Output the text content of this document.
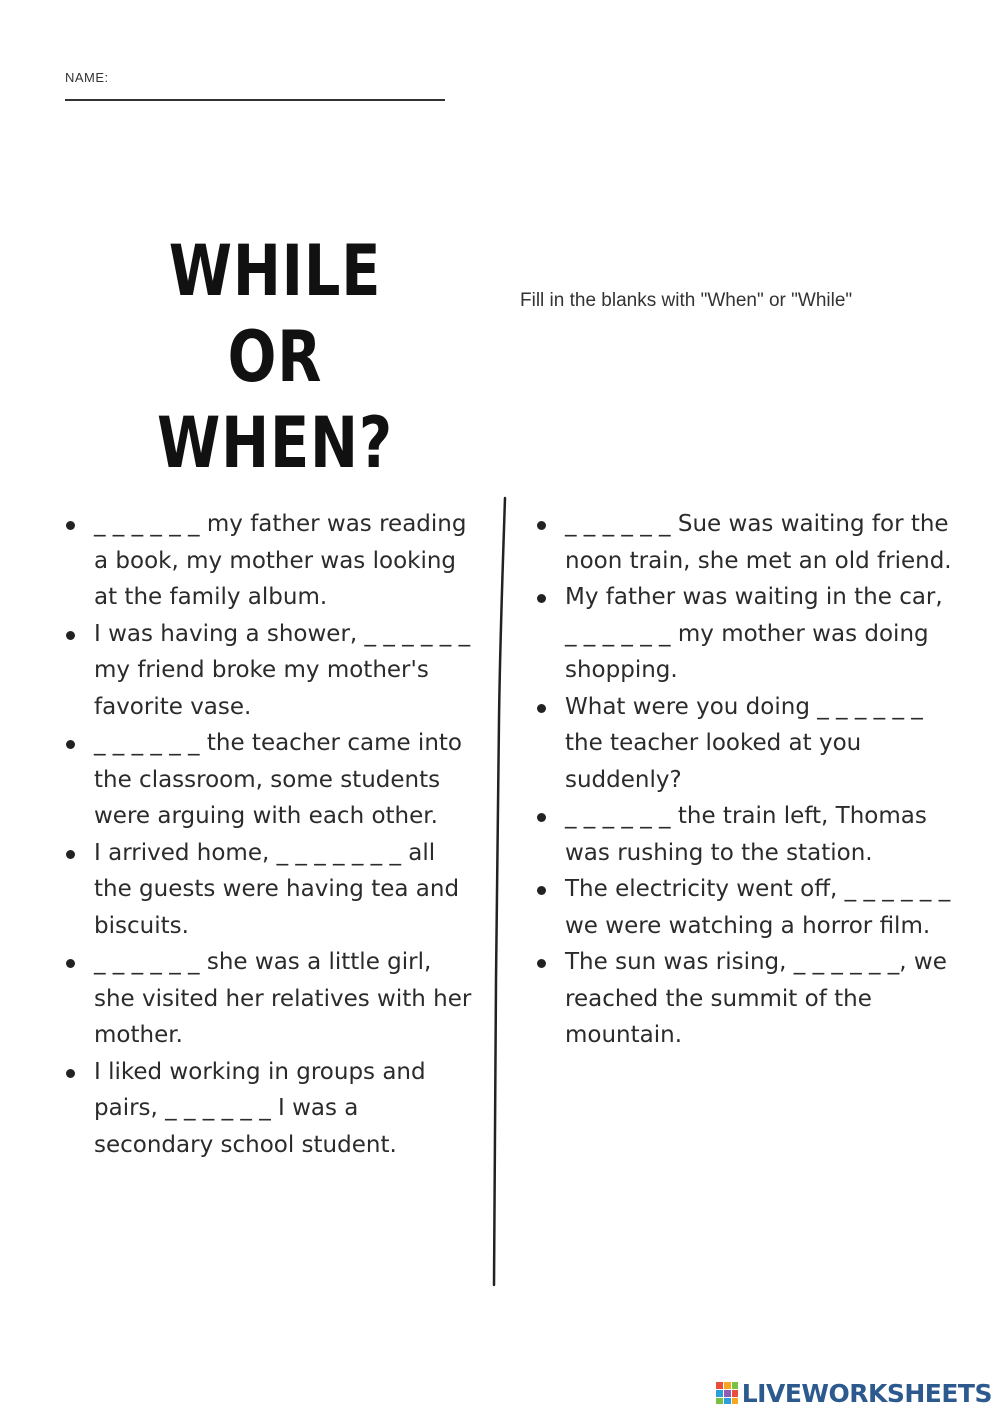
NAME:
WHILE OR
WHEN?

Fill in the blanks with "When" or "While"

_ _ _ _ _ _ my father was reading a book, my mother was looking at the family album.
I was having a shower, _ _ _ _ _ _ my friend broke my mother's favorite vase.
_ _ _ _ _ _ the teacher came into the classroom, some students were arguing with each other.
I arrived home, _ _ _ _ _ _ _ all the guests were having tea and biscuits.
_ _ _ _ _ _ she was a little girl, she visited her relatives with her mother.
I liked working in groups and pairs, _ _ _ _ _ _ I was a secondary school student.
_ _ _ _ _ _ Sue was waiting for the noon train, she met an old friend.
My father was waiting in the car, _ _ _ _ _ _ my mother was doing shopping.
What were you doing _ _ _ _ _ _ the teacher looked at you suddenly?
_ _ _ _ _ _ the train left, Thomas was rushing to the station.
The electricity went off, _ _ _ _ _ _ we were watching a horror film.
The sun was rising, _ _ _ _ _ _, we reached the summit of the mountain.
LIVEWORKSHEETS
